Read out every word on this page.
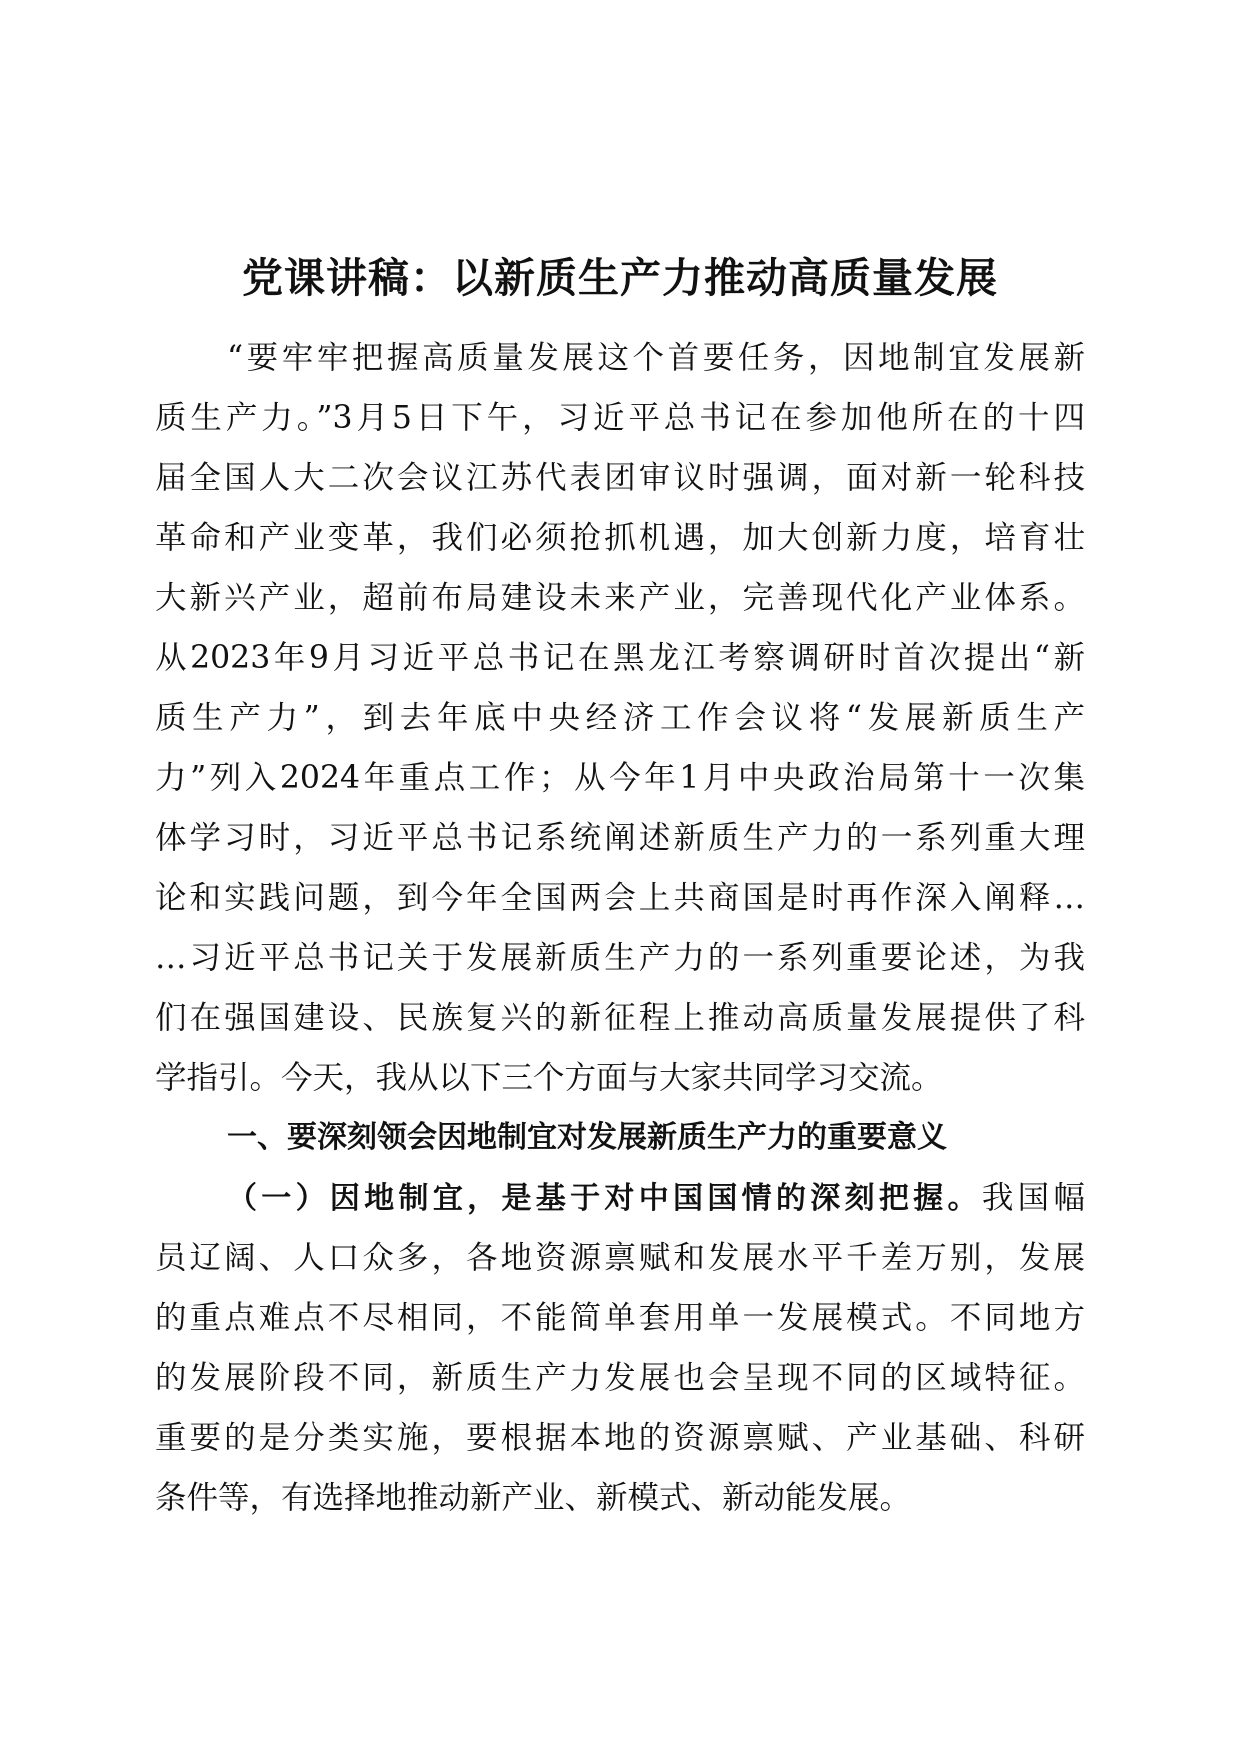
党课讲稿：以新质生产力推动高质量发展

“要牢牢把握高质量发展这个首要任务，因地制宜发展新

质生产力。”3月5日下午，习近平总书记在参加他所在的十四

届全国人大二次会议江苏代表团审议时强调，面对新一轮科技

革命和产业变革，我们必须抢抓机遇，加大创新力度，培育壮

大新兴产业，超前布局建设未来产业，完善现代化产业体系。

从2023年9月习近平总书记在黑龙江考察调研时首次提出“新

质生产力”，到去年底中央经济工作会议将“发展新质生产

力”列入2024年重点工作；从今年1月中央政治局第十一次集

体学习时，习近平总书记系统阐述新质生产力的一系列重大理

论和实践问题，到今年全国两会上共商国是时再作深入阐释…

…习近平总书记关于发展新质生产力的一系列重要论述，为我

们在强国建设、民族复兴的新征程上推动高质量发展提供了科

学指引。今天，我从以下三个方面与大家共同学习交流。

一、要深刻领会因地制宜对发展新质生产力的重要意义

（一）因地制宜，是基于对中国国情的深刻把握。我国幅

员辽阔、人口众多，各地资源禀赋和发展水平千差万别，发展

的重点难点不尽相同，不能简单套用单一发展模式。不同地方

的发展阶段不同，新质生产力发展也会呈现不同的区域特征。

重要的是分类实施，要根据本地的资源禀赋、产业基础、科研

条件等，有选择地推动新产业、新模式、新动能发展。
